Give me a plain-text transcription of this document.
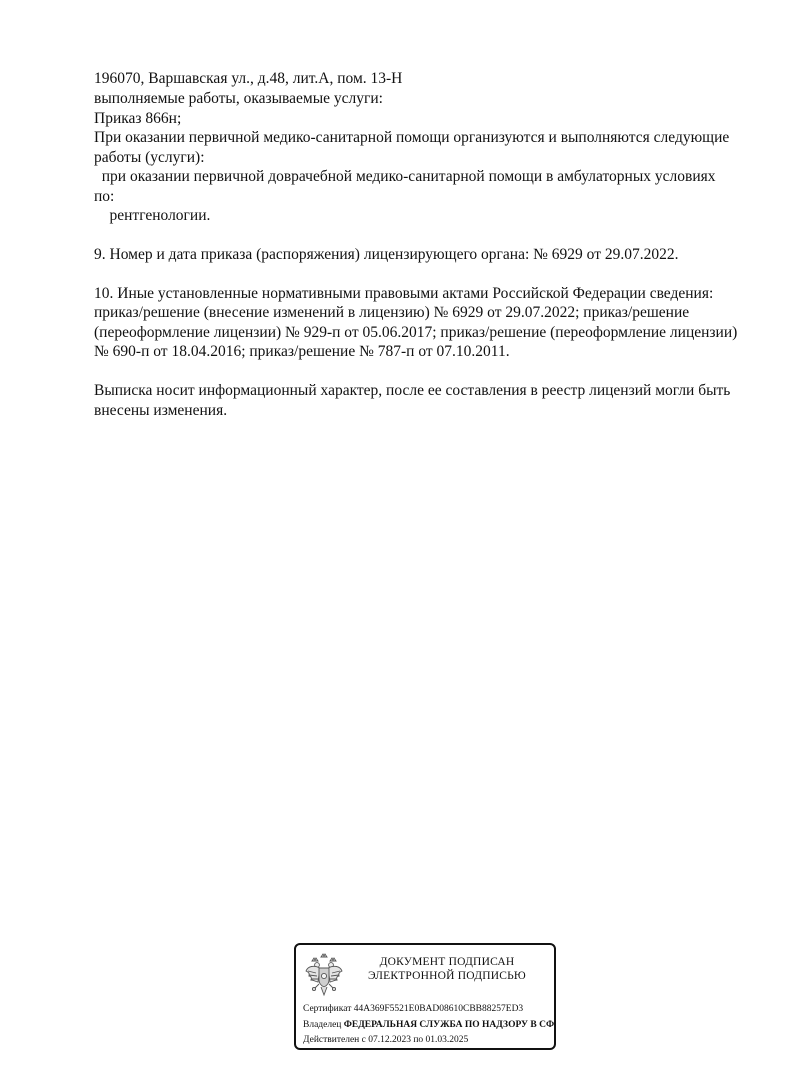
196070, Варшавская ул., д.48, лит.А, пом. 13-Н
выполняемые работы, оказываемые услуги:
Приказ 866н;
При оказании первичной медико-санитарной помощи организуются и выполняются следующие
работы (услуги):
при оказании первичной доврачебной медико-санитарной помощи в амбулаторных условиях
по:
рентгенологии.
9. Номер и дата приказа (распоряжения) лицензирующего органа: № 6929 от 29.07.2022.
10. Иные установленные нормативными правовыми актами Российской Федерации сведения:
приказ/решение (внесение изменений в лицензию) № 6929 от 29.07.2022; приказ/решение
(переоформление лицензии) № 929-п от 05.06.2017; приказ/решение (переоформление лицензии)
№ 690-п от 18.04.2016; приказ/решение № 787-п от 07.10.2011.
Выписка носит информационный характер, после ее составления в реестр лицензий могли быть
внесены изменения.
ДОКУМЕНТ ПОДПИСАН
ЭЛЕКТРОННОЙ ПОДПИСЬЮ
Сертификат 44A369F5521E0BAD08610CBB88257ED3
Владелец ФЕДЕРАЛЬНАЯ СЛУЖБА ПО НАДЗОРУ В СФ
Действителен с 07.12.2023 по 01.03.2025
